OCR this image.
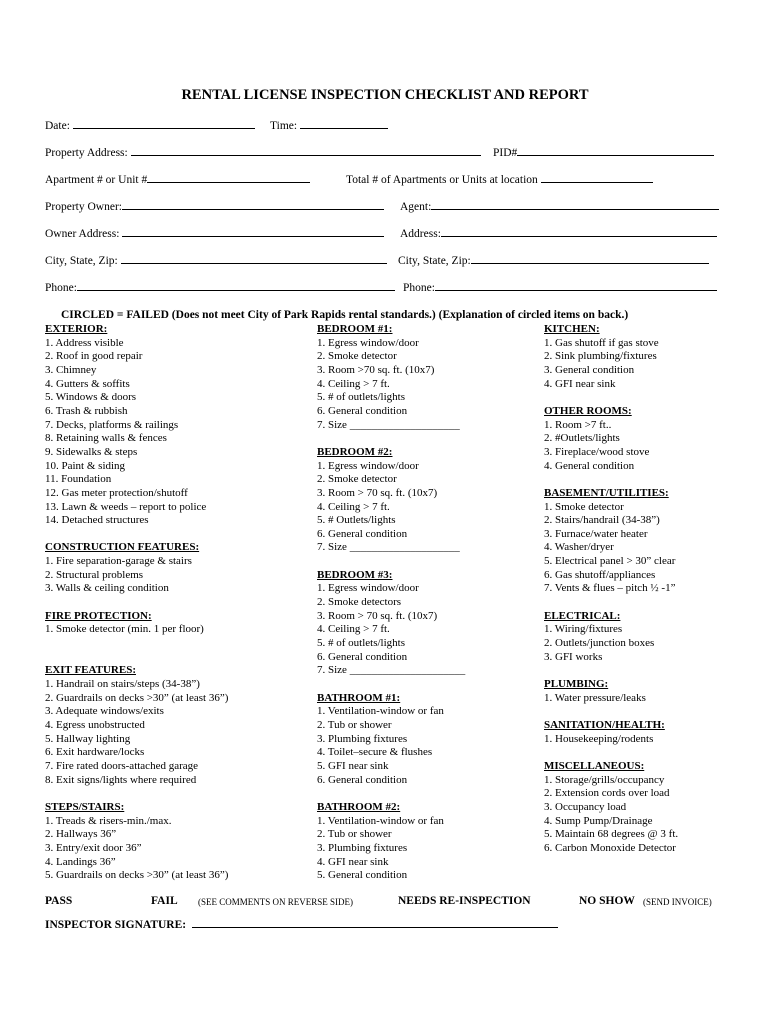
RENTAL LICENSE INSPECTION CHECKLIST AND REPORT
Date:	Time:
Property Address:	PID#
Apartment # or Unit #	Total # of Apartments or Units at location
Property Owner:	Agent:
Owner Address:	Address:
City, State, Zip:	City, State, Zip:
Phone:	Phone:
CIRCLED = FAILED (Does not meet City of Park Rapids rental standards.) (Explanation of circled items on back.)
EXTERIOR:
1. Address visible
2. Roof in good repair
3. Chimney
4. Gutters & soffits
5. Windows & doors
6. Trash & rubbish
7. Decks, platforms & railings
8. Retaining walls & fences
9. Sidewalks & steps
10. Paint & siding
11. Foundation
12. Gas meter protection/shutoff
13. Lawn & weeds – report to police
14. Detached structures
CONSTRUCTION FEATURES:
1. Fire separation-garage & stairs
2. Structural problems
3. Walls & ceiling condition
FIRE PROTECTION:
1. Smoke detector (min. 1 per floor)
EXIT FEATURES:
1. Handrail on stairs/steps (34-38”)
2. Guardrails on decks >30” (at least 36”)
3. Adequate windows/exits
4. Egress unobstructed
5. Hallway lighting
6. Exit hardware/locks
7. Fire rated doors-attached garage
8. Exit signs/lights where required
STEPS/STAIRS:
1. Treads & risers-min./max.
2. Hallways 36”
3. Entry/exit door 36”
4. Landings 36”
5. Guardrails on decks >30” (at least 36”)
BEDROOM #1:
1. Egress window/door
2. Smoke detector
3. Room >70 sq. ft. (10x7)
4. Ceiling > 7 ft.
5. # of outlets/lights
6. General condition
7. Size ____________________
BEDROOM #2:
1. Egress window/door
2. Smoke detector
3. Room > 70 sq. ft. (10x7)
4. Ceiling > 7 ft.
5. # Outlets/lights
6. General condition
7. Size ____________________
BEDROOM #3:
1. Egress window/door
2. Smoke detectors
3. Room > 70 sq. ft. (10x7)
4. Ceiling > 7 ft.
5. # of outlets/lights
6. General condition
7. Size _____________________
BATHROOM #1:
1. Ventilation-window or fan
2. Tub or shower
3. Plumbing fixtures
4. Toilet–secure & flushes
5. GFI near sink
6. General condition
BATHROOM #2:
1. Ventilation-window or fan
2. Tub or shower
3. Plumbing fixtures
4. GFI near sink
5. General condition
KITCHEN:
1. Gas shutoff if gas stove
2. Sink plumbing/fixtures
3. General condition
4. GFI near sink
OTHER ROOMS:
1. Room >7 ft..
2. #Outlets/lights
3. Fireplace/wood stove
4. General condition
BASEMENT/UTILITIES:
1. Smoke detector
2. Stairs/handrail (34-38”)
3. Furnace/water heater
4. Washer/dryer
5. Electrical panel > 30” clear
6. Gas shutoff/appliances
7. Vents & flues – pitch ½ -1”
ELECTRICAL:
1. Wiring/fixtures
2. Outlets/junction boxes
3. GFI works
PLUMBING:
1. Water pressure/leaks
SANITATION/HEALTH:
1. Housekeeping/rodents
MISCELLANEOUS:
1. Storage/grills/occupancy
2. Extension cords over load
3. Occupancy load
4. Sump Pump/Drainage
5. Maintain 68 degrees @ 3 ft.
6. Carbon Monoxide Detector
PASS	FAIL (SEE COMMENTS ON REVERSE SIDE)	NEEDS RE-INSPECTION	NO SHOW (SEND INVOICE)
INSPECTOR SIGNATURE:
